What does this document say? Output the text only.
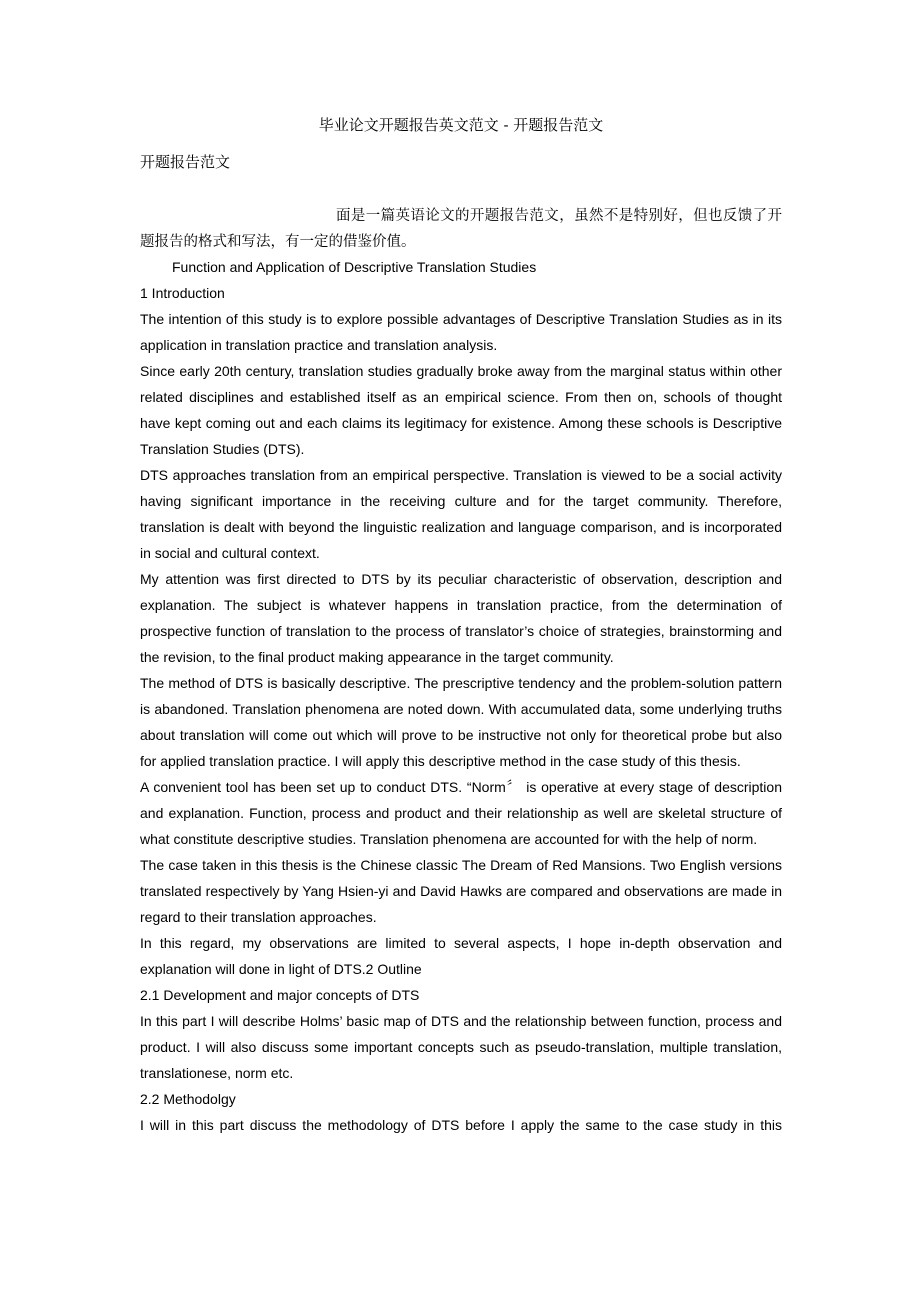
毕业论文开题报告英文范文 - 开题报告范文
开题报告范文
面是一篇英语论文的开题报告范文，虽然不是特别好，但也反馈了开题报告的格式和写法，有一定的借鉴价值。

Function and Application of Descriptive Translation Studies

1 Introduction

The intention of this study is to explore possible advantages of Descriptive Translation Studies as in its application in translation practice and translation analysis.

Since early 20th century, translation studies gradually broke away from the marginal status within other related disciplines and established itself as an empirical science. From then on, schools of thought have kept coming out and each claims its legitimacy for existence. Among these schools is Descriptive Translation Studies (DTS).

DTS approaches translation from an empirical perspective. Translation is viewed to be a social activity having significant importance in the receiving culture and for the target community. Therefore, translation is dealt with beyond the linguistic realization and language comparison, and is incorporated in social and cultural context.

My attention was first directed to DTS by its peculiar characteristic of observation, description and explanation. The subject is whatever happens in translation practice, from the determination of prospective function of translation to the process of translator’s choice of strategies, brainstorming and the revision, to the final product making appearance in the target community.

The method of DTS is basically descriptive. The prescriptive tendency and the problem-solution pattern is abandoned. Translation phenomena are noted down. With accumulated data, some underlying truths about translation will come out which will prove to be instructive not only for theoretical probe but also for applied translation practice. I will apply this descriptive method in the case study of this thesis.

A convenient tool has been set up to conduct DTS. “Norm〞 is operative at every stage of description and explanation. Function, process and product and their relationship as well are skeletal structure of what constitute descriptive studies. Translation phenomena are accounted for with the help of norm.

The case taken in this thesis is the Chinese classic The Dream of Red Mansions. Two English versions translated respectively by Yang Hsien-yi and David Hawks are compared and observations are made in regard to their translation approaches.

In this regard, my observations are limited to several aspects, I hope in-depth observation and explanation will done in light of DTS.2 Outline

2.1 Development and major concepts of DTS

In this part I will describe Holms’ basic map of DTS and the relationship between function, process and product. I will also discuss some important concepts such as pseudo-translation, multiple translation, translationese, norm etc.

2.2 Methodolgy

I will in this part discuss the methodology of DTS before I apply the same to the case study in this
